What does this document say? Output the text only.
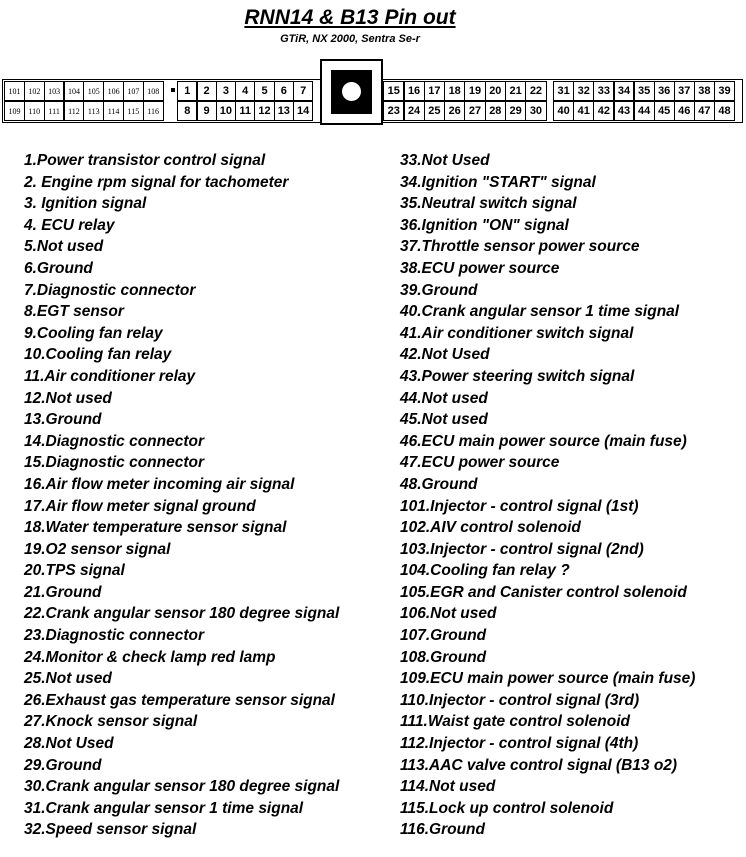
RNN14 & B13 Pin out
GTiR, NX 2000, Sentra Se-r
101 102 103 104 105 106 107 108
109 110	111	112	113	114	115	116
1	2	3	4	5	6	7
8	9 10 11 12 13 14
15 16 17 18 19 20 21 22
23 24 25 26 27 28 29 30
31 32 33 34 35 36 37 38 39
40 41 42 43 44 45 46 47 48
1.Power transistor control signal
2. Engine rpm signal for tachometer
3. Ignition signal
4. ECU relay
5.Not used
6.Ground
7.Diagnostic connector
8.EGT sensor
9.Cooling fan relay
10.Cooling fan relay
11.Air conditioner relay
12.Not used
13.Ground
14.Diagnostic connector
15.Diagnostic connector
16.Air flow meter incoming air signal
17.Air flow meter signal ground
18.Water temperature sensor signal
19.O2 sensor signal
20.TPS signal
21.Ground
22.Crank angular sensor 180 degree signal
23.Diagnostic connector
24.Monitor & check lamp red lamp
25.Not used
26.Exhaust gas temperature sensor signal
27.Knock sensor signal
28.Not Used
29.Ground
30.Crank angular sensor 180 degree signal
31.Crank angular sensor 1 time signal
32.Speed sensor signal
33.Not Used
34.Ignition "START" signal
35.Neutral switch signal
36.Ignition "ON" signal
37.Throttle sensor power source
38.ECU power source
39.Ground
40.Crank angular sensor 1 time signal
41.Air conditioner switch signal
42.Not Used
43.Power steering switch signal
44.Not used
45.Not used
46.ECU main power source (main fuse)
47.ECU power source
48.Ground
101.Injector - control signal (1st)
102.AIV control solenoid
103.Injector - control signal (2nd)
104.Cooling fan relay ?
105.EGR and Canister control solenoid
106.Not used
107.Ground
108.Ground
109.ECU main power source (main fuse)
110.Injector - control signal (3rd)
111.Waist gate control solenoid
112.Injector - control signal (4th)
113.AAC valve control signal (B13 o2)
114.Not used
115.Lock up control solenoid
116.Ground
